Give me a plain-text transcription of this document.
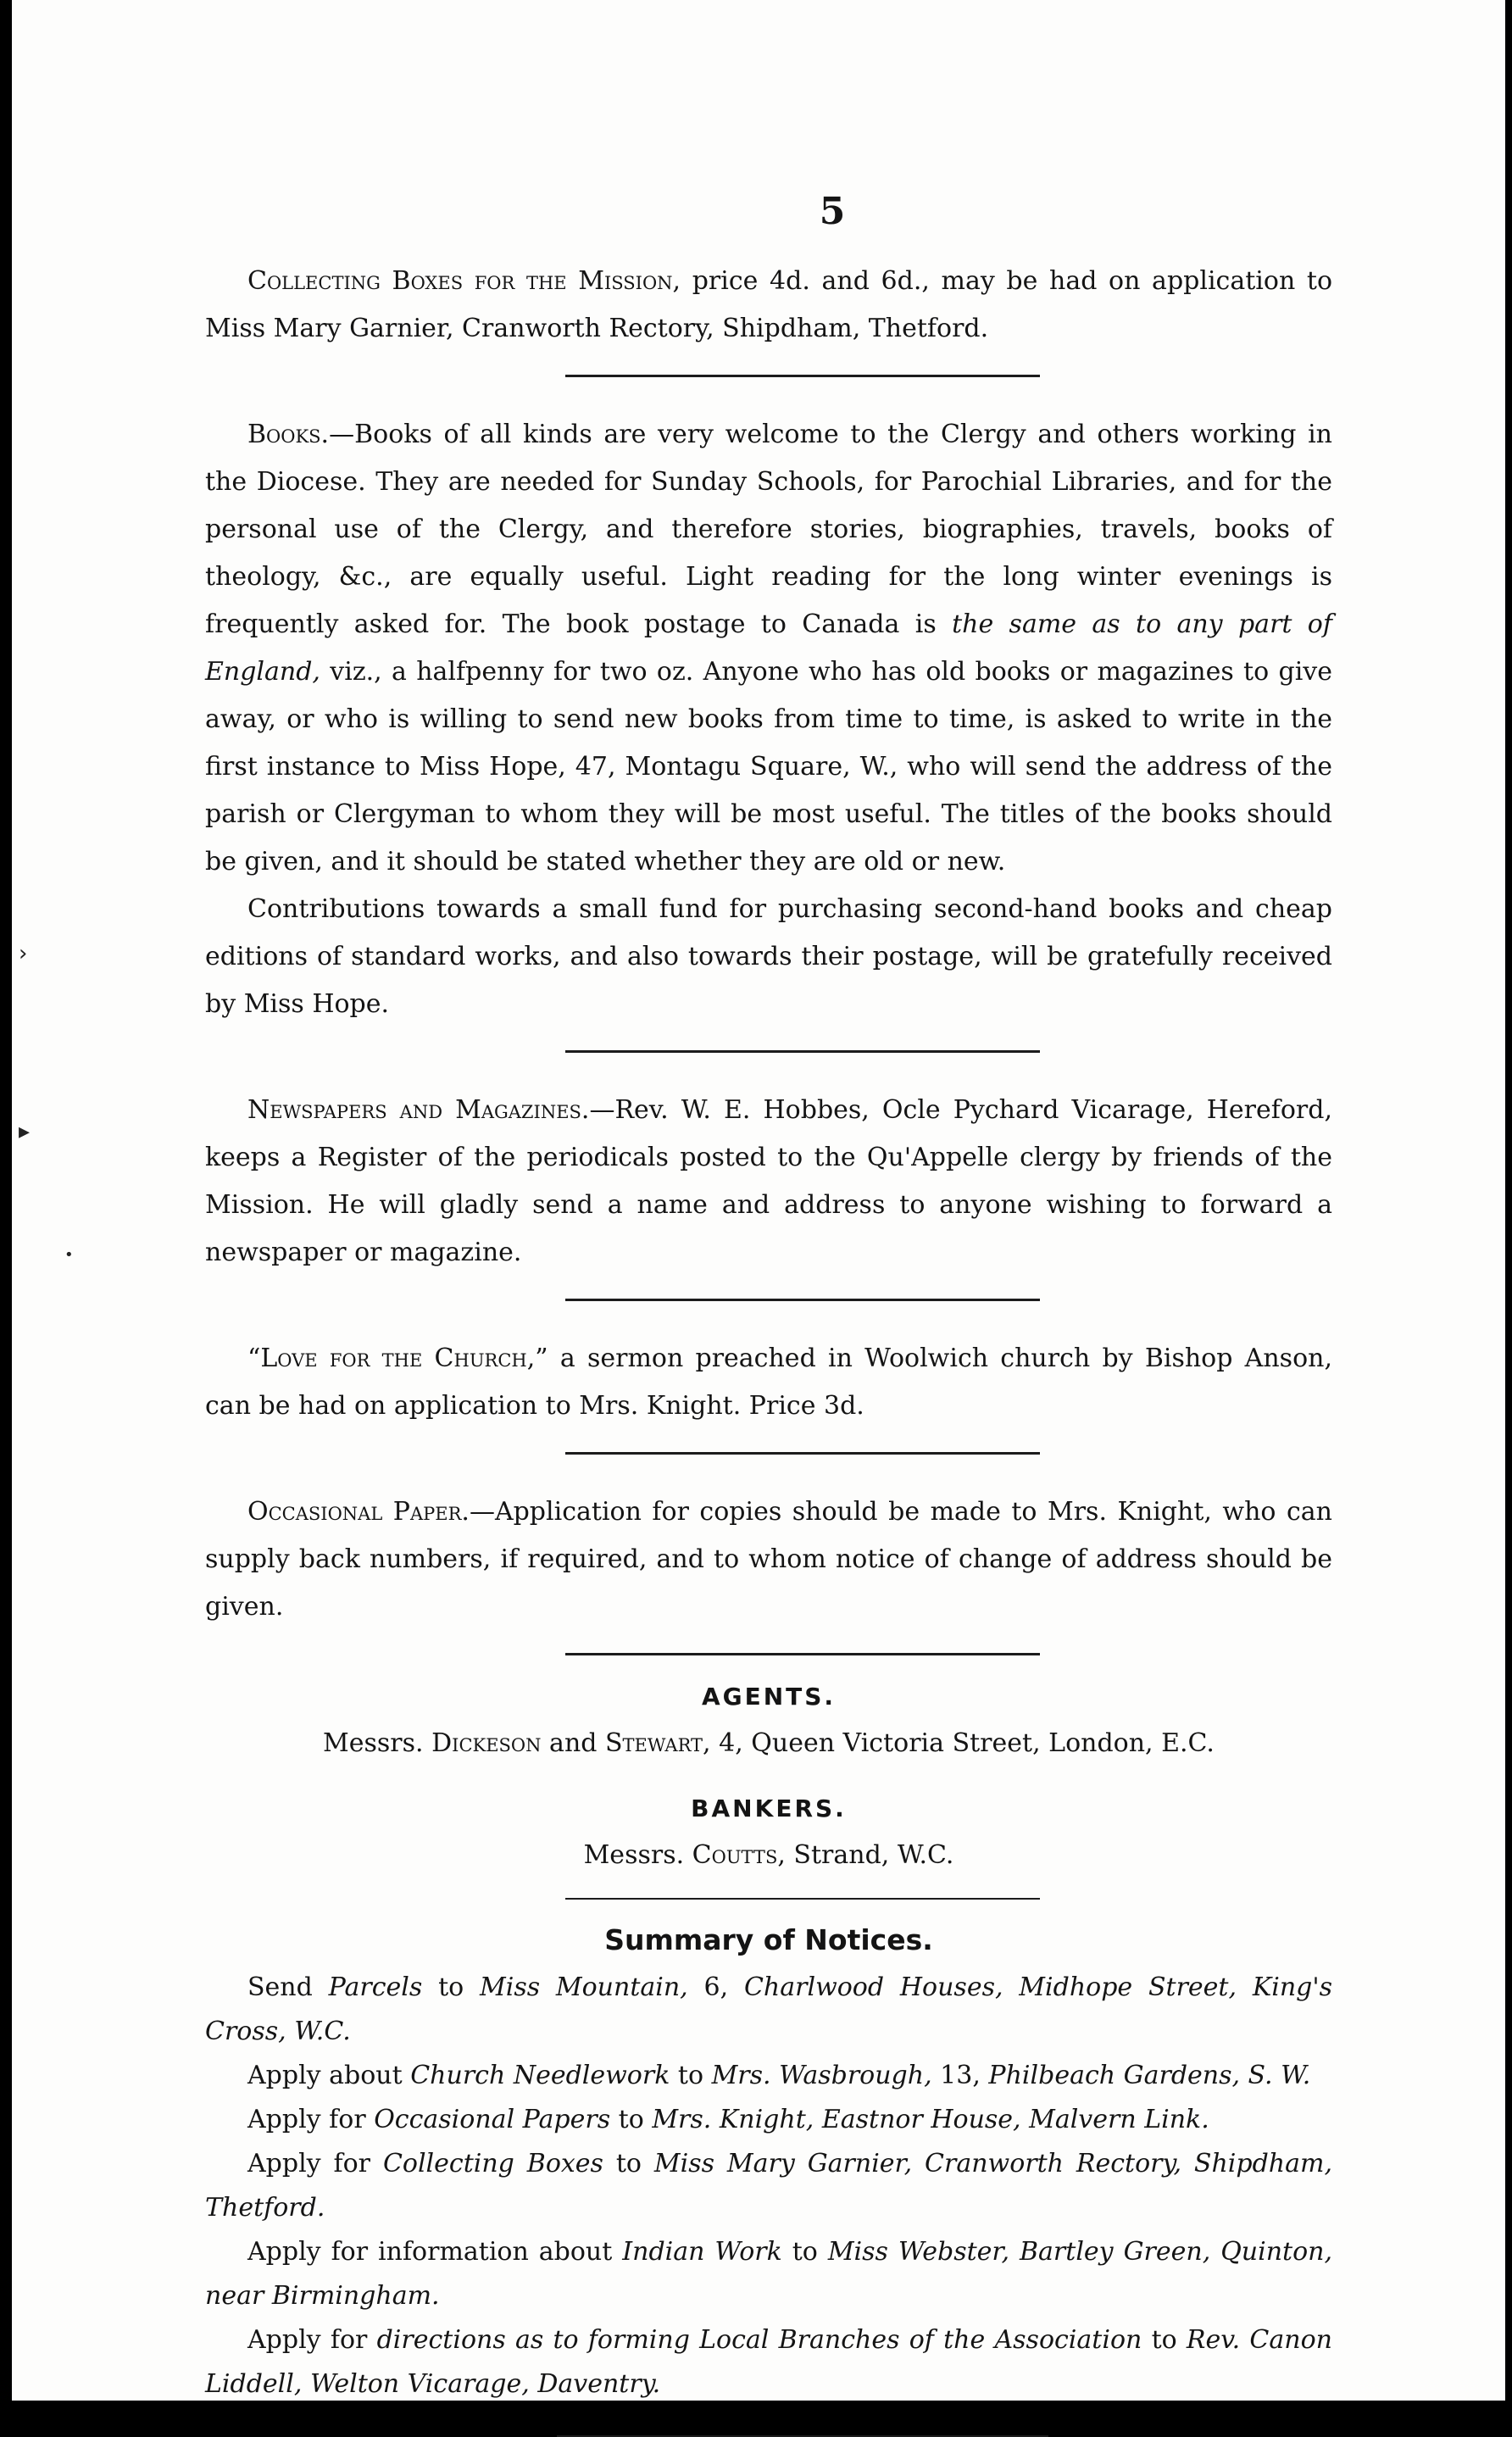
›
▸
•
5

Collecting Boxes for the Mission, price 4d. and 6d., may be had on application to Miss Mary Garnier, Cranworth Rectory, Shipdham, Thetford.

Books.—Books of all kinds are very welcome to the Clergy and others working in the Diocese. They are needed for Sunday Schools, for Parochial Libraries, and for the personal use of the Clergy, and therefore stories, biographies, travels, books of theology, &c., are equally useful. Light reading for the long winter evenings is frequently asked for. The book postage to Canada is the same as to any part of England, viz., a halfpenny for two oz. Anyone who has old books or magazines to give away, or who is willing to send new books from time to time, is asked to write in the first instance to Miss Hope, 47, Montagu Square, W., who will send the address of the parish or Clergyman to whom they will be most useful. The titles of the books should be given, and it should be stated whether they are old or new.

Contributions towards a small fund for purchasing second-hand books and cheap editions of standard works, and also towards their postage, will be gratefully received by Miss Hope.

Newspapers and Magazines.—Rev. W. E. Hobbes, Ocle Pychard Vicarage, Hereford, keeps a Register of the periodicals posted to the Qu'Appelle clergy by friends of the Mission. He will gladly send a name and address to anyone wishing to forward a newspaper or magazine.

“Love for the Church,” a sermon preached in Woolwich church by Bishop Anson, can be had on application to Mrs. Knight. Price 3d.

Occasional Paper.—Application for copies should be made to Mrs. Knight, who can supply back numbers, if required, and to whom notice of change of address should be given.

AGENTS.

Messrs. Dickeson and Stewart, 4, Queen Victoria Street, London, E.C.

BANKERS.

Messrs. Coutts, Strand, W.C.

Summary of Notices.

Send Parcels to Miss Mountain, 6, Charlwood Houses, Midhope Street, King's Cross, W.C.

Apply about Church Needlework to Mrs. Wasbrough, 13, Philbeach Gardens, S. W.

Apply for Occasional Papers to Mrs. Knight, Eastnor House, Malvern Link.

Apply for Collecting Boxes to Miss Mary Garnier, Cranworth Rectory, Shipdham, Thetford.

Apply for information about Indian Work to Miss Webster, Bartley Green, Quinton, near Birmingham.

Apply for directions as to forming Local Branches of the Association to Rev. Canon Liddell, Welton Vicarage, Daventry.
